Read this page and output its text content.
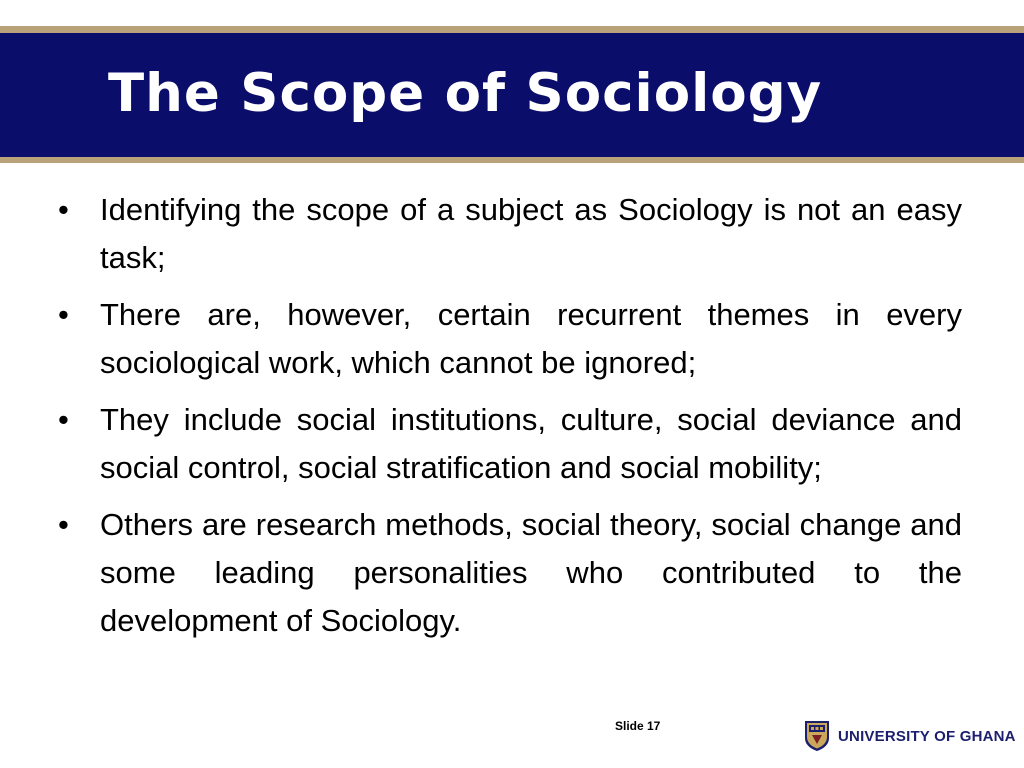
The Scope of Sociology
• Identifying the scope of a subject as Sociology is not an easy task;
• There are, however, certain recurrent themes in every sociological work, which cannot be ignored;
• They include social institutions, culture, social deviance and social control, social stratification and social mobility;
• Others are research methods, social theory, social change and some leading personalities who contributed to the development of Sociology.
Slide 17
UNIVERSITY OF GHANA
